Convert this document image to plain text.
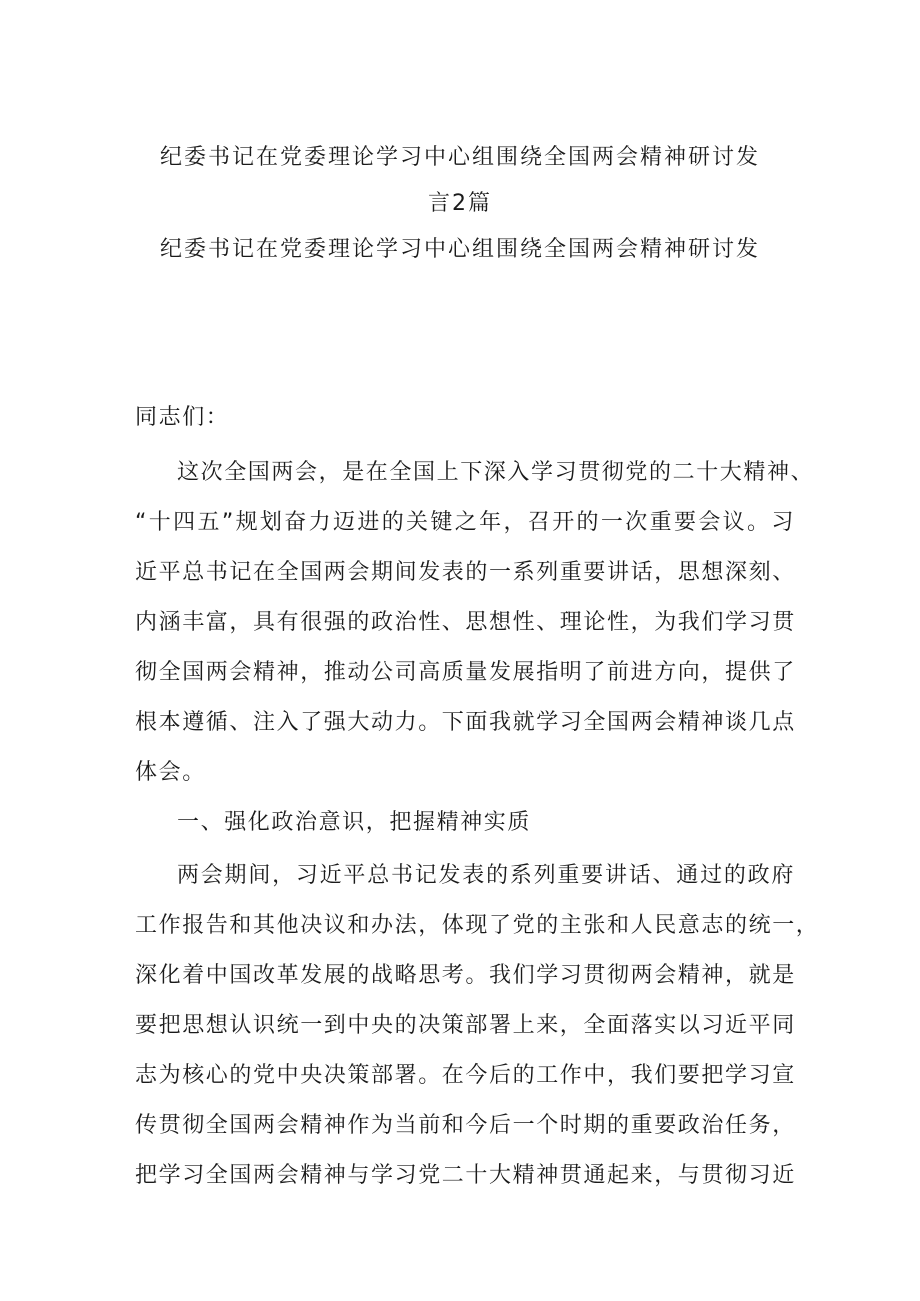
纪委书记在党委理论学习中心组围绕全国两会精神研讨发
言2篇
纪委书记在党委理论学习中心组围绕全国两会精神研讨发
同志们：
这次全国两会，是在全国上下深入学习贯彻党的二十大精神、
“十四五”规划奋力迈进的关键之年，召开的一次重要会议。习
近平总书记在全国两会期间发表的一系列重要讲话，思想深刻、
内涵丰富，具有很强的政治性、思想性、理论性，为我们学习贯
彻全国两会精神，推动公司高质量发展指明了前进方向，提供了
根本遵循、注入了强大动力。下面我就学习全国两会精神谈几点
体会。
一、强化政治意识，把握精神实质
两会期间，习近平总书记发表的系列重要讲话、通过的政府
工作报告和其他决议和办法，体现了党的主张和人民意志的统一，
深化着中国改革发展的战略思考。我们学习贯彻两会精神，就是
要把思想认识统一到中央的决策部署上来，全面落实以习近平同
志为核心的党中央决策部署。在今后的工作中，我们要把学习宣
传贯彻全国两会精神作为当前和今后一个时期的重要政治任务，
把学习全国两会精神与学习党二十大精神贯通起来，与贯彻习近
